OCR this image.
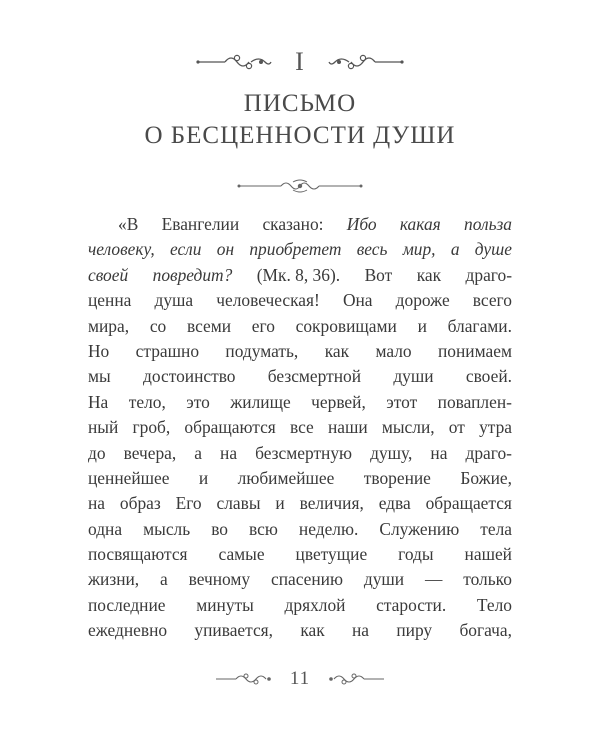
I
ПИСЬМО
О БЕСЦЕННОСТИ ДУШИ
«В Евангелии сказано: Ибо какая польза
человеку, если он приобретет весь мир, а душе
своей повредит? (Мк. 8, 36). Вот как драго-
ценна душа человеческая! Она дороже всего
мира, со всеми его сокровищами и благами.
Но страшно подумать, как мало понимаем
мы достоинство безсмертной души своей.
На тело, это жилище червей, этот поваплен-
ный гроб, обращаются все наши мысли, от утра
до вечера, а на безсмертную душу, на драго-
ценнейшее и любимейшее творение Божие,
на образ Его славы и величия, едва обращается
одна мысль во всю неделю. Служению тела
посвящаются самые цветущие годы нашей
жизни, а вечному спасению души — только
последние минуты дряхлой старости. Тело
ежедневно упивается, как на пиру богача,
11
